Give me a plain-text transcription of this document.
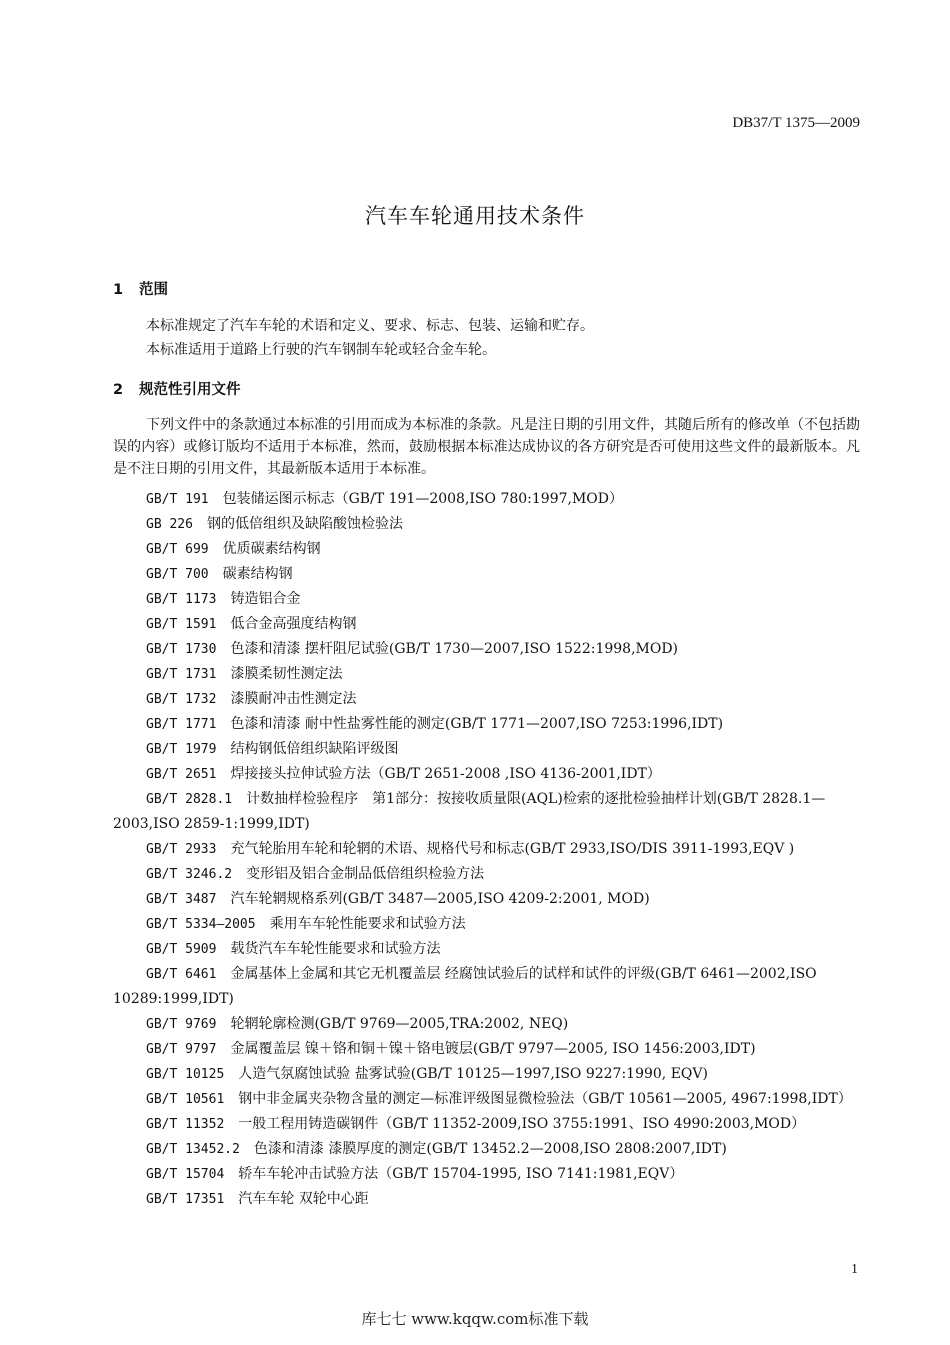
DB37/T 1375—2009
汽车车轮通用技术条件
1 范围
本标准规定了汽车车轮的术语和定义、要求、标志、包装、运输和贮存。
本标准适用于道路上行驶的汽车钢制车轮或轻合金车轮。
2 规范性引用文件
下列文件中的条款通过本标准的引用而成为本标准的条款。凡是注日期的引用文件，其随后所有的修改单（不包括勘误的内容）或修订版均不适用于本标准，然而，鼓励根据本标准达成协议的各方研究是否可使用这些文件的最新版本。凡是不注日期的引用文件，其最新版本适用于本标准。
GB/T 191 包装储运图示标志（GB/T 191—2008,ISO 780:1997,MOD）
GB 226 钢的低倍组织及缺陷酸蚀检验法
GB/T 699 优质碳素结构钢
GB/T 700 碳素结构钢
GB/T 1173 铸造铝合金
GB/T 1591 低合金高强度结构钢
GB/T 1730 色漆和清漆 摆杆阻尼试验(GB/T 1730—2007,ISO 1522:1998,MOD)
GB/T 1731 漆膜柔韧性测定法
GB/T 1732 漆膜耐冲击性测定法
GB/T 1771 色漆和清漆 耐中性盐雾性能的测定(GB/T 1771—2007,ISO 7253:1996,IDT)
GB/T 1979 结构钢低倍组织缺陷评级图
GB/T 2651 焊接接头拉伸试验方法（GB/T 2651-2008 ,ISO 4136-2001,IDT）
GB/T 2828.1 计数抽样检验程序　第1部分：按接收质量限(AQL)检索的逐批检验抽样计划(GB/T 2828.1—2003,ISO 2859-1:1999,IDT)
GB/T 2933 充气轮胎用车轮和轮辋的术语、规格代号和标志(GB/T 2933,ISO/DIS 3911-1993,EQV )
GB/T 3246.2 变形铝及铝合金制品低倍组织检验方法
GB/T 3487 汽车轮辋规格系列(GB/T 3487—2005,ISO 4209-2:2001, MOD)
GB/T 5334—2005 乘用车车轮性能要求和试验方法
GB/T 5909 载货汽车车轮性能要求和试验方法
GB/T 6461 金属基体上金属和其它无机覆盖层 经腐蚀试验后的试样和试件的评级(GB/T 6461—2002,ISO 10289:1999,IDT)
GB/T 9769 轮辋轮廓检测(GB/T 9769—2005,TRA:2002, NEQ)
GB/T 9797 金属覆盖层 镍＋铬和铜＋镍＋铬电镀层(GB/T 9797—2005, ISO 1456:2003,IDT)
GB/T 10125 人造气氛腐蚀试验 盐雾试验(GB/T 10125—1997,ISO 9227:1990, EQV)
GB/T 10561 钢中非金属夹杂物含量的测定—标准评级图显微检验法（GB/T 10561—2005, 4967:1998,IDT）
GB/T 11352 一般工程用铸造碳钢件（GB/T 11352-2009,ISO 3755:1991、ISO 4990:2003,MOD）
GB/T 13452.2 色漆和清漆 漆膜厚度的测定(GB/T 13452.2—2008,ISO 2808:2007,IDT)
GB/T 15704 轿车车轮冲击试验方法（GB/T 15704-1995, ISO 7141:1981,EQV）
GB/T 17351 汽车车轮 双轮中心距
1
库七七 www.kqqw.com标准下载
